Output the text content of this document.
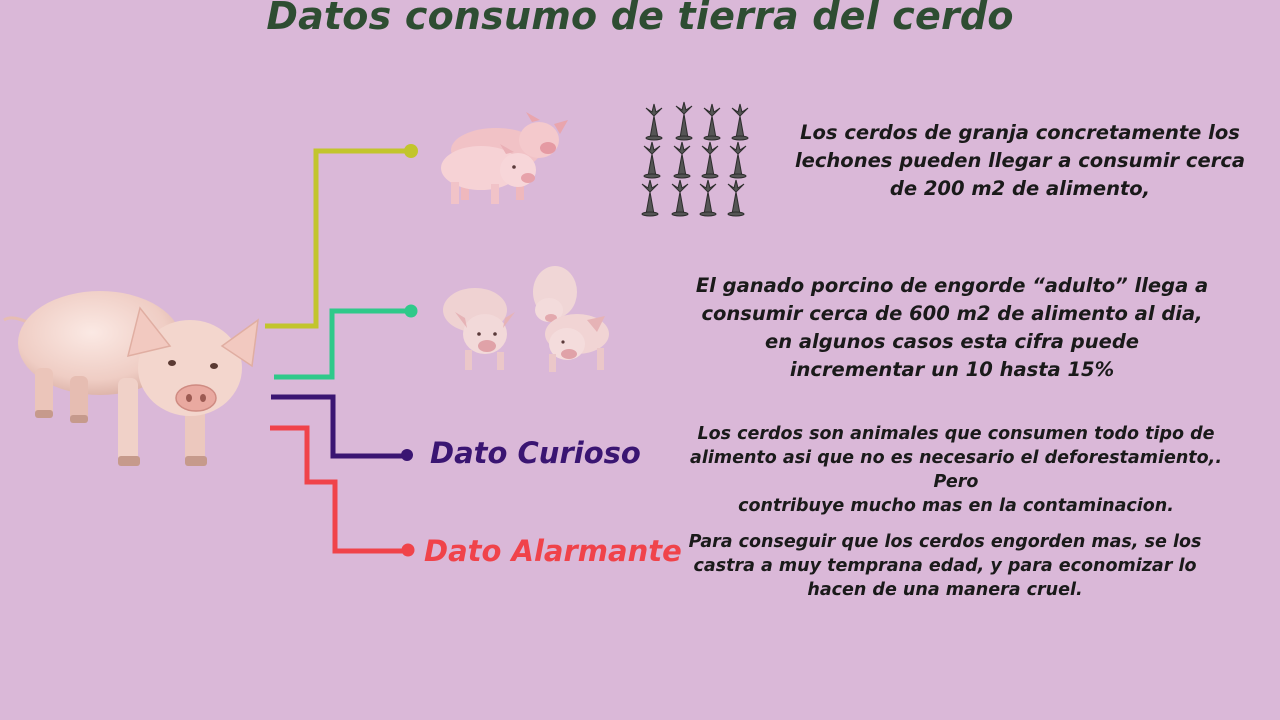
Datos consumo de tierra del cerdo

Dato Curioso

Dato Alarmante

Los cerdos de granja concretamente los
lechones pueden llegar a consumir cerca
de 200 m2 de alimento,
El ganado porcino de engorde “adulto” llega a
consumir cerca de 600 m2 de alimento al dia,
en algunos casos esta cifra puede
incrementar un 10 hasta 15%
Los cerdos son animales que consumen todo tipo de
alimento asi que no es necesario el deforestamiento,. Pero
contribuye mucho mas en la contaminacion.
Para conseguir que los cerdos engorden mas, se los
castra a muy temprana edad, y para economizar lo
hacen de una manera cruel.
